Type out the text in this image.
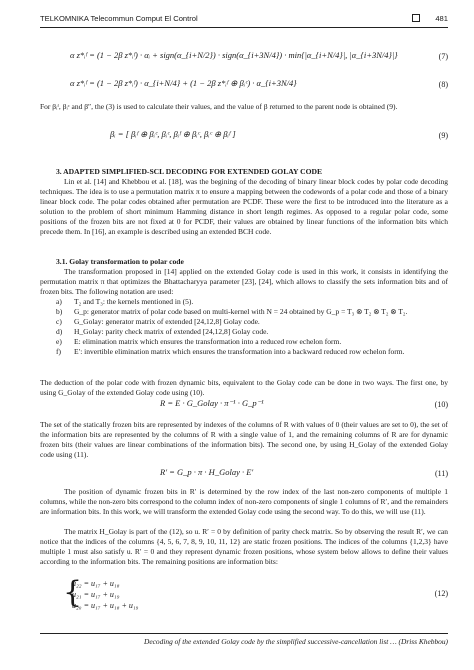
TELKOMNIKA Telecommun Comput El Control	481
α z*ᵢᶠ = (1 − 2β z*ᵢᶠ) · αᵢ + sign(α_{i+N/2}) · sign(α_{i+3N/4}) · min{|α_{i+N/4}|, |α_{i+3N/4}|}	(7)
α z*ᵢᶠ = (1 − 2β z*ᵢᶠ) · α_{i+N/4} + (1 − 2β z*ᵢᶠ ⊕ βᵢᶜ) · α_{i+3N/4}	(8)
For βᵢᶠ, βᵢᶜ and β″, the (3) is used to calculate their values, and the value of β returned to the parent node is obtained (9).
βᵢ = [ βᵢᶠ ⊕ βᵢᶜ, βᵢᶜ, βᵢᶠ ⊕ βᵢᶜ, βᵢᶜ ⊕ βᵢᶠ ]	(9)
3. ADAPTED SIMPLIFIED-SCL DECODING FOR EXTENDED GOLAY CODE
Lin et al. [14] and Khebbou et al. [18], was the begining of the decoding of binary linear block codes by polar code decoding techniques. The idea is to use a permutation matrix π to ensure a mapping between the codewords of a polar code and those of a binary linear block code. The polar codes obtained after permutation are PCDF. These were the first to be introduced into the literature as a solution to the problem of short minimum Hamming distance in short length regimes. As opposed to a regular polar code, some positions of the frozen bits are not fixed at 0 for PCDF, their values are obtained by linear functions of the information bits which precede them. In [16], an example is described using an extended BCH code.
3.1. Golay transformation to polar code
The transformation proposed in [14] applied on the extended Golay code is used in this work, it consists in identifying the permutation matrix π that optimizes the Bhattacharyya parameter [23], [24], which allows to classify the sets information bits and of frozen bits. The following notation are used:
a)	T₂ and T₃: the kernels mentioned in (5).
b)	G_p: generator matrix of polar code based on multi-kernel with N = 24 obtained by G_p = T₃ ⊗ T₂ ⊗ T₂ ⊗ T₂.
c)	G_Golay: generator matrix of extended [24,12,8] Golay code.
d)	H_Golay: parity check matrix of extended [24,12,8] Golay code.
e)	E: elimination matrix which ensures the transformation into a reduced row echelon form.
f)	E′: invertible elimination matrix which ensures the transformation into a backward reduced row echelon form.
The deduction of the polar code with frozen dynamic bits, equivalent to the Golay code can be done in two ways. The first one, by using G_Golay of the extended Golay code using (10).
R = E · G_Golay · π⁻¹ · G_p⁻¹	(10)
The set of the statically frozen bits are represented by indexes of the columns of R with values of 0 (their values are set to 0), the set of the information bits are represented by the columns of R with a single value of 1, and the remaining columns of R are for dynamic frozen bits (their values are linear combinations of the information bits). The second one, by using H_Golay of the extended Golay code using (11).
R′ = G_p · π · H_Golay · E′	(11)
The position of dynamic frozen bits in R′ is determined by the row index of the last non-zero components of multiple 1 columns, while the non-zero bits correspond to the column index of non-zero components of single 1 columns of R′, and the remainders are information bits. In this work, we will transform the extended Golay code using the second way. To do this, we will use (11).
The matrix H_Golay is part of the (12), so u. R′ = 0 by definition of parity check matrix. So by observing the result R′, we can notice that the indices of the columns {4, 5, 6, 7, 8, 9, 10, 11, 12} are static frozen positions. The indices of the columns {1,2,3} have multiple 1 must also satisfy u. R′ = 0 and they represent dynamic frozen positions, whose system below allows to define their values according to the information bits. The remaining positions are information bits:
{
u₂₂ = u₁₇ + u₁₈
u₂₁ = u₁₇ + u₁₉
u₂₀ = u₁₇ + u₁₈ + u₁₉
(12)
Decoding of the extended Golay code by the simplified successive-cancellation list … (Driss Khebbou)
